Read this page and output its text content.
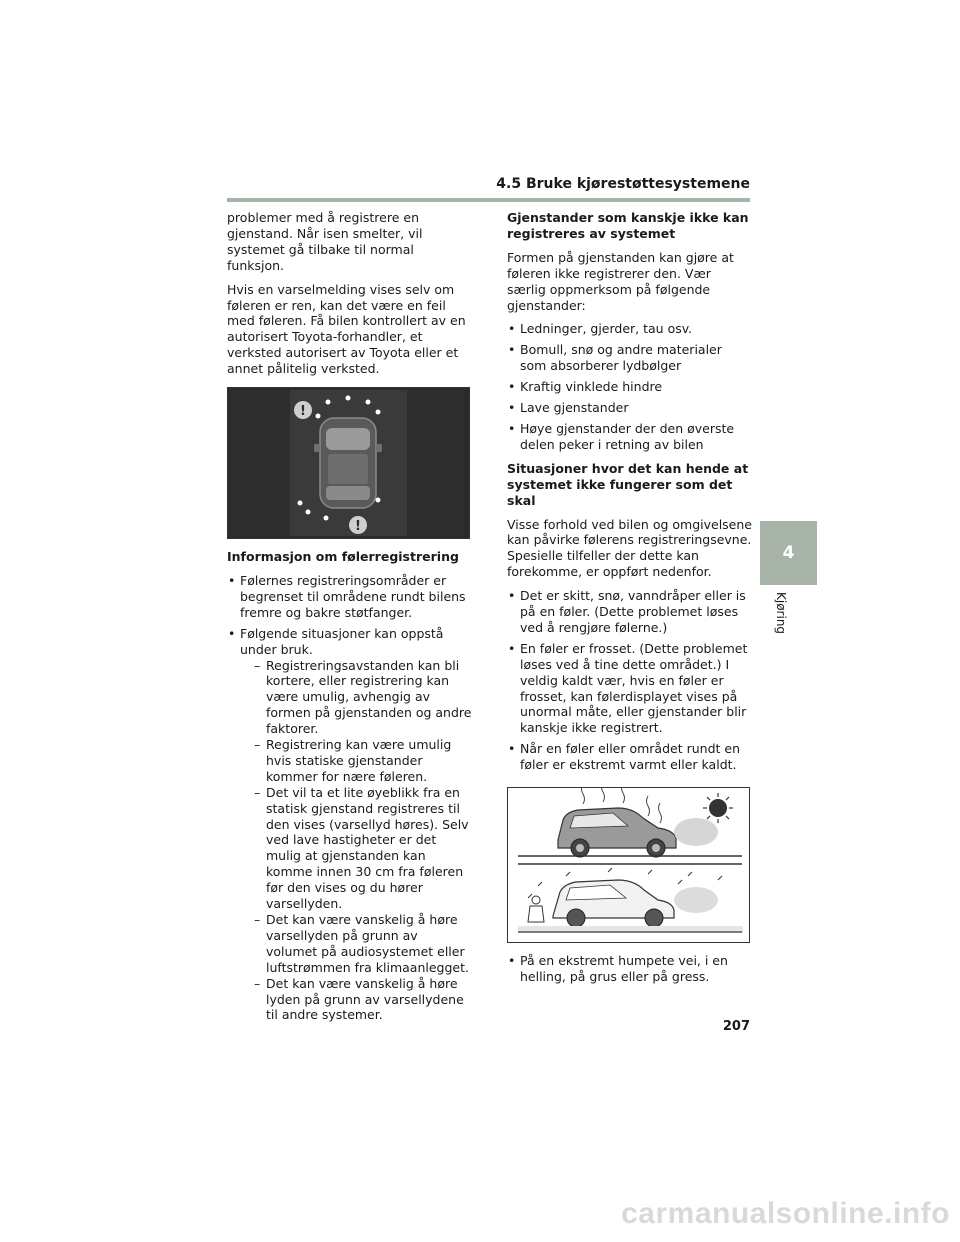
4.5 Bruke kjørestøttesystemene

problemer med å registrere en gjenstand. Når isen smelter, vil systemet gå tilbake til normal funksjon.

Hvis en varselmelding vises selv om føleren er ren, kan det være en feil med føleren. Få bilen kontrollert av en autorisert Toyota-forhandler, et verksted autorisert av Toyota eller et annet pålitelig verksted.

!
!

Informasjon om følerregistrering

• Følernes registreringsområder er begrenset til områdene rundt bilens fremre og bakre støtfanger.
• Følgende situasjoner kan oppstå under bruk.
– Registreringsavstanden kan bli kortere, eller registrering kan være umulig, avhengig av formen på gjenstanden og andre faktorer.
– Registrering kan være umulig hvis statiske gjenstander kommer for nære føleren.
– Det vil ta et lite øyeblikk fra en statisk gjenstand registreres til den vises (varsellyd høres). Selv ved lave hastigheter er det mulig at gjenstanden kan komme innen 30 cm fra føleren før den vises og du hører varsellyden.
– Det kan være vanskelig å høre varsellyden på grunn av volumet på audiosystemet eller luftstrømmen fra klimaanlegget.
– Det kan være vanskelig å høre lyden på grunn av varsellydene til andre systemer.

Gjenstander som kanskje ikke kan registreres av systemet

Formen på gjenstanden kan gjøre at føleren ikke registrerer den. Vær særlig oppmerksom på følgende gjenstander:

• Ledninger, gjerder, tau osv.
• Bomull, snø og andre materialer som absorberer lydbølger
• Kraftig vinklede hindre
• Lave gjenstander
• Høye gjenstander der den øverste delen peker i retning av bilen

Situasjoner hvor det kan hende at systemet ikke fungerer som det skal

Visse forhold ved bilen og omgivelsene kan påvirke følerens registreringsevne. Spesielle tilfeller der dette kan forekomme, er oppført nedenfor.

• Det er skitt, snø, vanndråper eller is på en føler. (Dette problemet løses ved å rengjøre følerne.)
• En føler er frosset. (Dette problemet løses ved å tine dette området.) I veldig kaldt vær, hvis en føler er frosset, kan følerdisplayet vises på unormal måte, eller gjenstander blir kanskje ikke registrert.
• Når en føler eller området rundt en føler er ekstremt varmt eller kaldt.
• På en ekstremt humpete vei, i en helling, på grus eller på gress.
4
Kjøring
207
carmanualsonline.info
